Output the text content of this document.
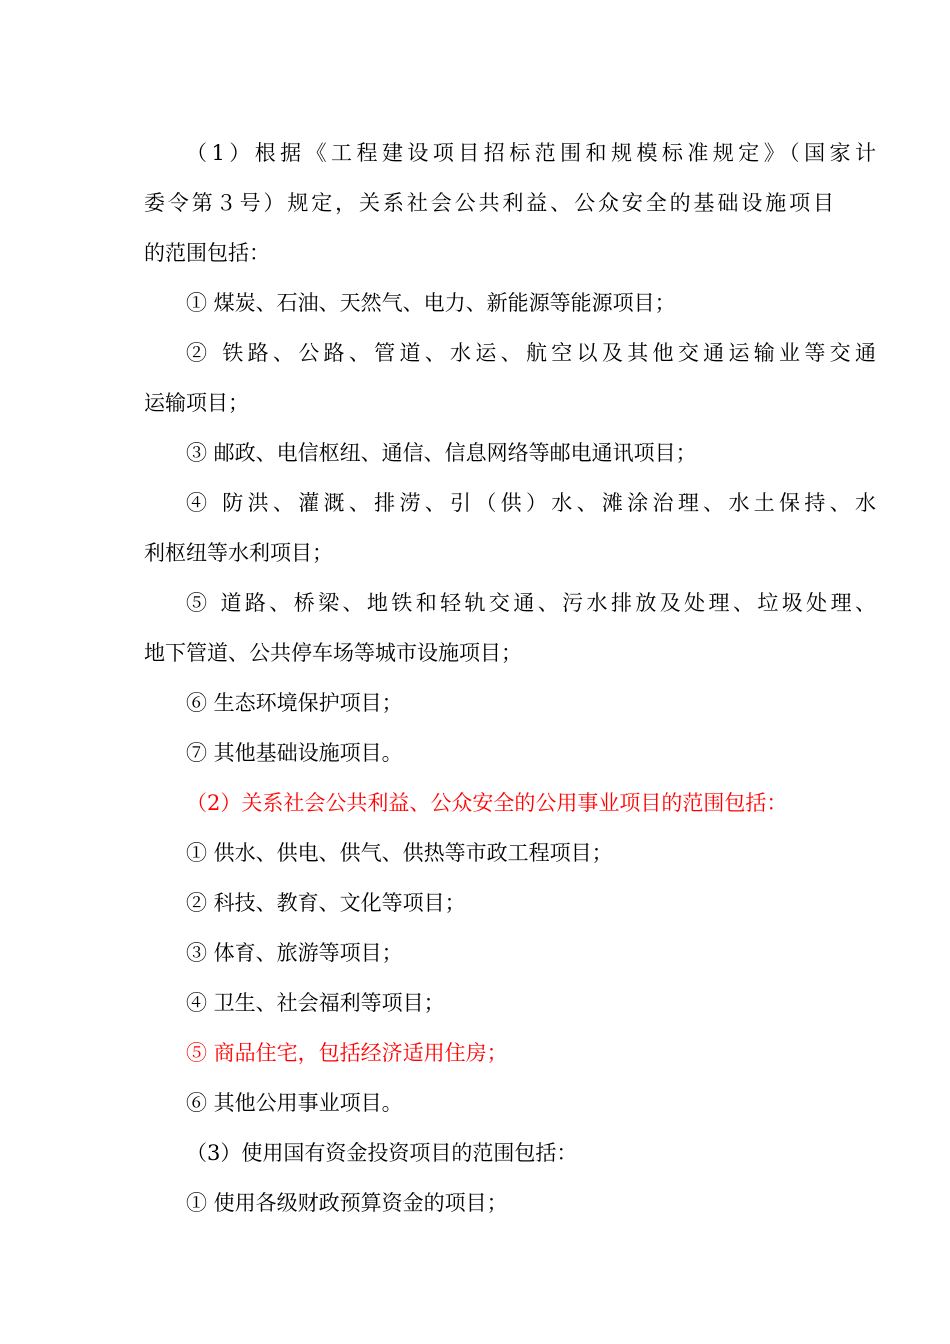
（1）根据《工程建设项目招标范围和规模标准规定》（国家计
委令第３号）规定，关系社会公共利益、公众安全的基础设施项目
的范围包括：
① 煤炭、石油、天然气、电力、新能源等能源项目；
② 铁路、公路、管道、水运、航空以及其他交通运输业等交通
运输项目；
③ 邮政、电信枢纽、通信、信息网络等邮电通讯项目；
④ 防洪、灌溉、排涝、引（供）水、滩涂治理、水土保持、水
利枢纽等水利项目；
⑤ 道路、桥梁、地铁和轻轨交通、污水排放及处理、垃圾处理、
地下管道、公共停车场等城市设施项目；
⑥ 生态环境保护项目；
⑦ 其他基础设施项目。
（2）关系社会公共利益、公众安全的公用事业项目的范围包括：
① 供水、供电、供气、供热等市政工程项目；
② 科技、教育、文化等项目；
③ 体育、旅游等项目；
④ 卫生、社会福利等项目；
⑤ 商品住宅，包括经济适用住房；
⑥ 其他公用事业项目。
（3）使用国有资金投资项目的范围包括：
① 使用各级财政预算资金的项目；
